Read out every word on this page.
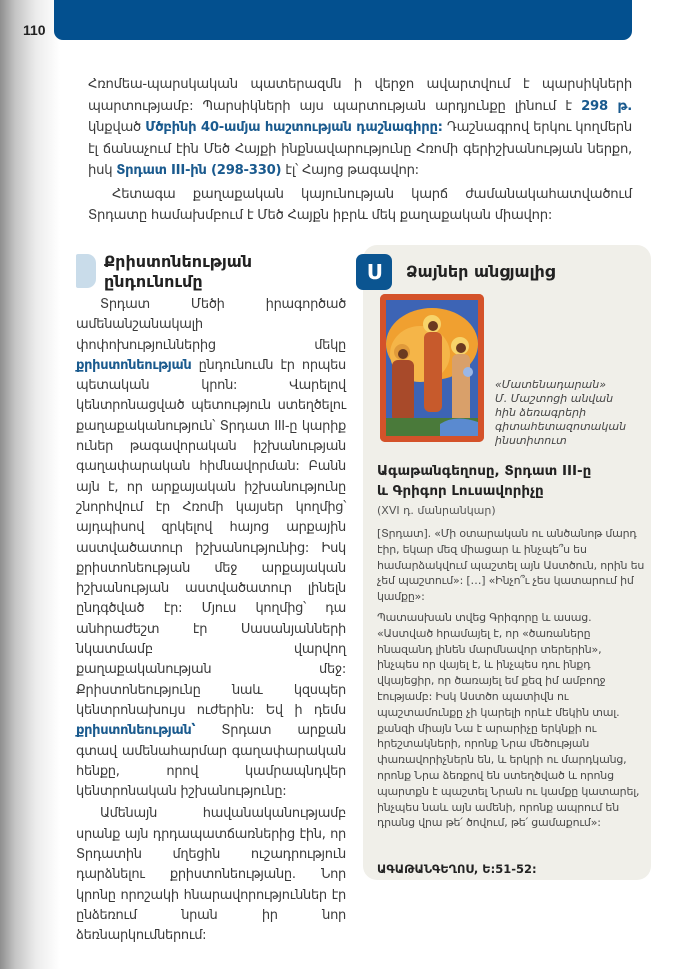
110

Հռոմեա-պարսկական պատերազմն ի վերջո ավարտվում է պարսիկների պարտությամբ: Պարսիկների այս պարտության արդյունքը լինում է 298 թ. կնքված Մծբինի 40-ամյա հաշտության դաշնագիրը: Դաշնագրով երկու կողմերն էլ ճանաչում էին Մեծ Հայքի ինքնավարությունը Հռոմի գերիշխանության ներքո, իսկ Տրդատ III-ին (298-330) էլ՝ Հայոց թագավոր:

Հետագա քաղաքական կայունության կարճ ժամանակահատվածում Տրդատը համախմբում է Մեծ Հայքն իբրև մեկ քաղաքական միավոր:

Քրիստոնեության
ընդունումը

Տրդատ Մեծի իրագործած ամենանշանակալի փոփոխություններից մեկը քրիստոնեության ընդունումն էր որպես պետական կրոն: Վարելով կենտրոնացված պետություն ստեղծելու քաղաքականություն՝ Տրդատ III-ը կարիք ուներ թագավորական իշխանության գաղափարական հիմնավորման: Բանն այն է, որ արքայական իշխանությունը շնորհվում էր Հռոմի կայսեր կողմից՝ այդպիսով զրկելով հայոց արքային աստվածատուր իշխանությունից: Իսկ քրիստոնեության մեջ արքայական իշխանության աստվածատուր լինելն ընդգծված էր: Մյուս կողմից՝ դա անհրաժեշտ էր Սասանյանների նկատմամբ վարվող քաղաքականության մեջ: Քրիստոնեությունը նաև կզսպեր կենտրոնախույս ուժերին: Եվ ի դեմս քրիստոնեության՝ Տրդատ արքան գտավ ամենահարմար գաղափարական հենքը, որով կամրապնդվեր կենտրոնական իշխանությունը:

Ամենայն հավանականությամբ սրանք այն դրդապատճառներից էին, որ Տրդատին մղեցին ուշադրություն դարձնելու քրիստոնեությանը. Նոր կրոնը որոշակի հնարավորություններ էր ընձեռում նրան իր նոր ձեռնարկումներում:

Ս	Ձայներ անցյալից
«Մատենադարան»
Մ. Մաշտոցի անվան
հին ձեռագրերի
գիտահետազոտական
ինստիտուտ
Ագաթանգեղոսը, Տրդատ III-ը
և Գրիգոր Լուսավորիչը
(XVI դ. մանրանկար)

[Տրդատ]. «Մի օտարական ու անծանոթ մարդ էիր, եկար մեզ միացար և ինչպե՞ս ես համարձակվում պաշտել այն Աստծուն, որին ես չեմ պաշտում»: […] «Ինչո՞ւ չես կատարում իմ կամքը»:

Պատասխան տվեց Գրիգորը և ասաց. «Աստված հրամայել է, որ «ծառաները հնազանդ լինեն մարմնավոր տերերին», ինչպես որ վայել է, և ինչպես դու ինքդ վկայեցիր, որ ծառայել եմ քեզ իմ ամբողջ էությամբ: Իսկ Աստծո պատիվն ու պաշտամունքը չի կարելի որևէ մեկին տալ. քանզի միայն Նա է արարիչը երկնքի ու հրեշտակների, որոնք Նրա մեծության փառավորիչներն են, և երկրի ու մարդկանց, որոնք Նրա ձեռքով են ստեղծված և որոնց պարտքն է պաշտել Նրան ու կամքը կատարել, ինչպես նաև այն ամենի, որոնք ապրում են դրանց վրա թե՛ ծովում, թե՛ ցամաքում»:

ԱԳԱԹԱՆԳԵՂՈՍ, Ե:51-52:
